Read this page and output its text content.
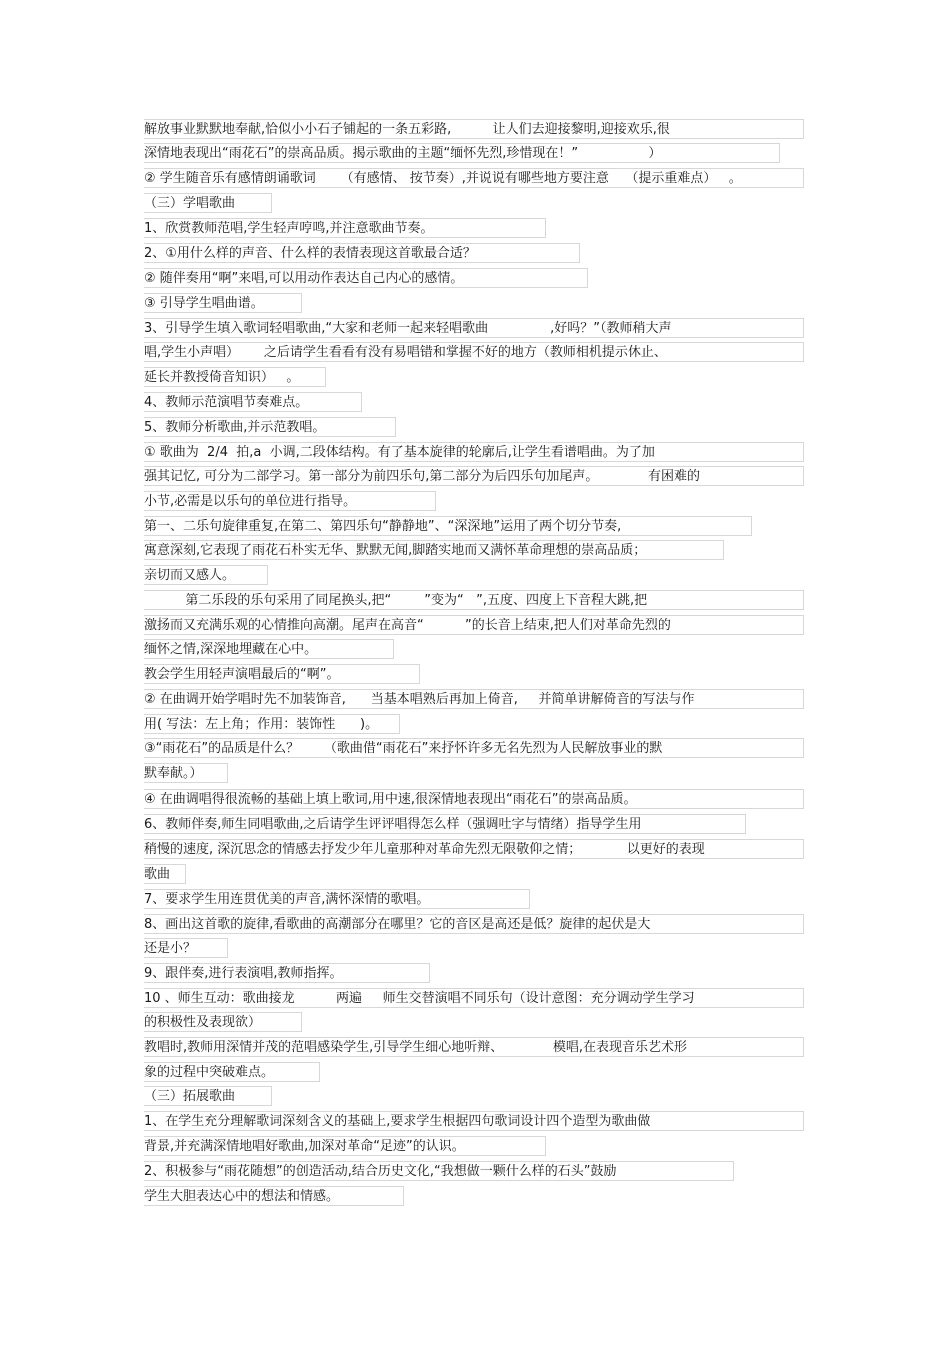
解放事业默默地奉献,恰似小小石子铺起的一条五彩路,          让人们去迎接黎明,迎接欢乐,很
深情地表现出“雨花石”的崇高品质。揭示歌曲的主题“缅怀先烈,珍惜现在！”                 ）
② 学生随音乐有感情朗诵歌词      （有感情、 按节奏）,并说说有哪些地方要注意    （提示重难点）   。
（三）学唱歌曲
1、欣赏教师范唱,学生轻声哼鸣,并注意歌曲节奏。
2、①用什么样的声音、什么样的表情表现这首歌最合适？
② 随伴奏用“啊”来唱,可以用动作表达自己内心的感情。
③ 引导学生唱曲谱。
3、引导学生填入歌词轻唱歌曲,“大家和老师一起来轻唱歌曲               ,好吗？”（教师稍大声
唱,学生小声唱）      之后请学生看看有没有易唱错和掌握不好的地方（教师相机提示休止、
延长并教授倚音知识）   。
4、教师示范演唱节奏难点。
5、教师分析歌曲,并示范教唱。
① 歌曲为  2/4  拍,a  小调,二段体结构。有了基本旋律的轮廓后,让学生看谱唱曲。为了加
强其记忆, 可分为二部学习。第一部分为前四乐句,第二部分为后四乐句加尾声。            有困难的
小节,必需是以乐句的单位进行指导。
第一、二乐句旋律重复,在第二、第四乐句“静静地”、“深深地”运用了两个切分节奏,
寓意深刻,它表现了雨花石朴实无华、默默无闻,脚踏实地而又满怀革命理想的崇高品质；
亲切而又感人。
第二乐段的乐句采用了同尾换头,把“        ”变为“   ”,五度、四度上下音程大跳,把
激扬而又充满乐观的心情推向高潮。尾声在高音“          ”的长音上结束,把人们对革命先烈的
缅怀之情,深深地埋藏在心中。
教会学生用轻声演唱最后的“啊”。
② 在曲调开始学唱时先不加装饰音,      当基本唱熟后再加上倚音,     并简单讲解倚音的写法与作
用( 写法：左上角；作用：装饰性      )。
③“雨花石”的品质是什么？      （歌曲借“雨花石”来抒怀许多无名先烈为人民解放事业的默
默奉献。）
④ 在曲调唱得很流畅的基础上填上歌词,用中速,很深情地表现出“雨花石”的崇高品质。
6、教师伴奏,师生同唱歌曲,之后请学生评评唱得怎么样（强调吐字与情绪）指导学生用
稍慢的速度, 深沉思念的情感去抒发少年儿童那种对革命先烈无限敬仰之情；           以更好的表现
歌曲
7、要求学生用连贯优美的声音,满怀深情的歌唱。
8、画出这首歌的旋律,看歌曲的高潮部分在哪里？它的音区是高还是低？旋律的起伏是大
还是小？
9、跟伴奏,进行表演唱,教师指挥。
10 、师生互动：歌曲接龙          两遍     师生交替演唱不同乐句（设计意图：充分调动学生学习
的积极性及表现欲）
教唱时,教师用深情并茂的范唱感染学生,引导学生细心地听辩、            模唱,在表现音乐艺术形
象的过程中突破难点。
（三）拓展歌曲
1、在学生充分理解歌词深刻含义的基础上,要求学生根据四句歌词设计四个造型为歌曲做
背景,并充满深情地唱好歌曲,加深对革命“足迹”的认识。
2、积极参与“雨花随想”的创造活动,结合历史文化,“我想做一颗什么样的石头”鼓励
学生大胆表达心中的想法和情感。
